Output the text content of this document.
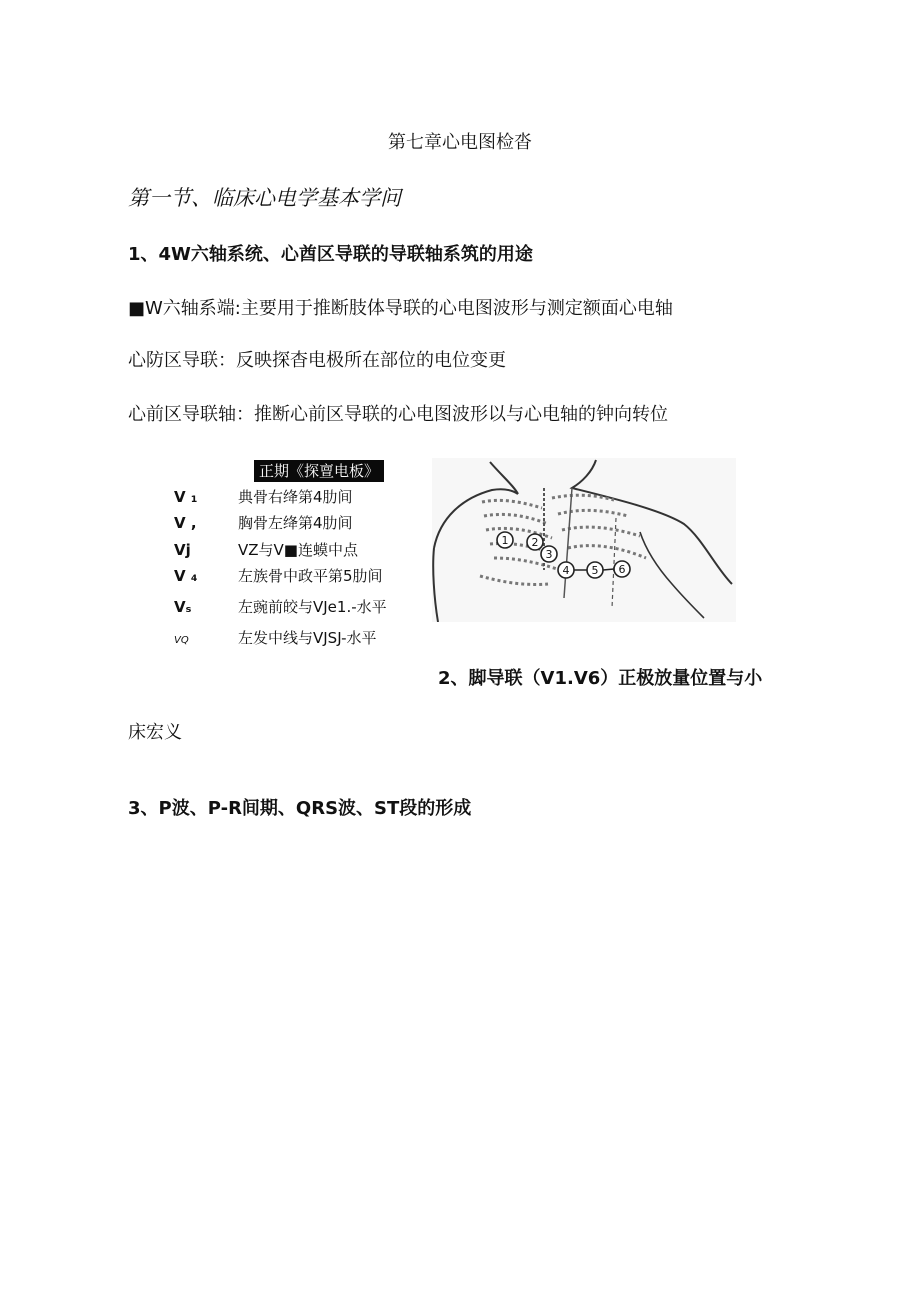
第七章心电图检沓
第一节、临床心电学基本学问
1、4W六轴系统、心酋区导联的导联轴系筑的用途
■W六轴系端:主要用于推断肢体导联的心电图波形与测定额面心电轴
心防区导联：反映探杳电极所在部位的电位变更
心前区导联轴：推断心前区导联的心电图波形以与心电轴的钟向转位
正期《探亶电板》
V ₁	典骨右绛第4肋间
V ,	胸骨左绛第4肋间
Vj	VZ与V■连蟆中点
V ₄	左族骨中政平第5肋间
Vₛ	左豌前皎与VJe1.-水平
VQ	左发中线与VJSJ-水平
1 2
3
4 5 6
2、脚导联（V1.V6）正极放量位置与小
床宏义
3、P波、P-R间期、QRS波、ST段的形成
